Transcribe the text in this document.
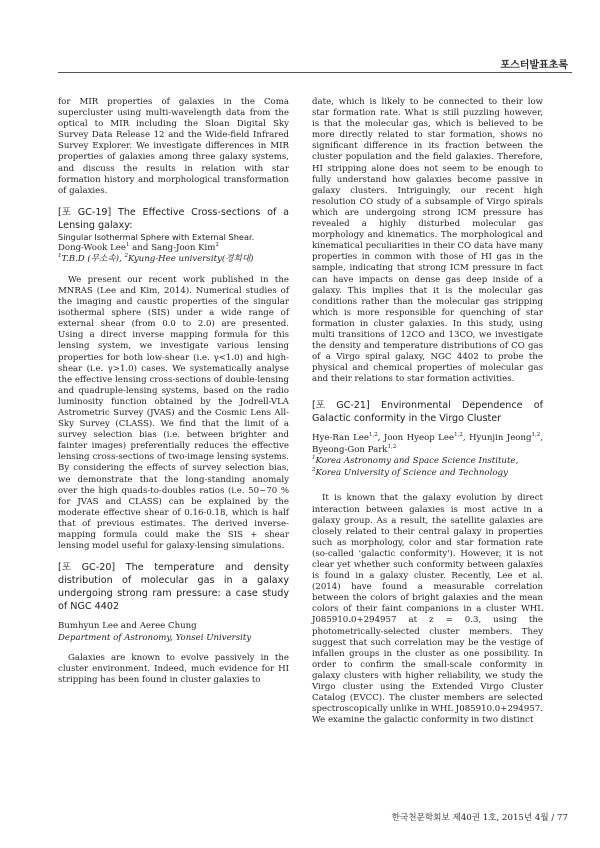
포스터발표초록

for MIR properties of galaxies in the Coma supercluster using multi-wavelength data from the optical to MIR including the Sloan Digital Sky Survey Data Release 12 and the Wide-field Infrared Survey Explorer. We investigate differences in MIR properties of galaxies among three galaxy systems, and discuss the results in relation with star formation history and morphological transformation of galaxies.

[포 GC-19] The Effective Cross-sections of a Lensing galaxy:

Singular Isothermal Sphere with External Shear.

Dong-Wook Lee$^1$ and Sang-Joon Kim$^2$

$^1$T.B.D (무소속), $^2$Kyung-Hee university(경희대)

We present our recent work published in the MNRAS (Lee and Kim, 2014). Numerical studies of the imaging and caustic properties of the singular isothermal sphere (SIS) under a wide range of external shear (from 0.0 to 2.0) are presented. Using a direct inverse mapping formula for this lensing system, we investigate various lensing properties for both low-shear (i.e. γ<1.0) and high-shear (i.e. γ>1.0) cases. We systematically analyse the effective lensing cross-sections of double-lensing and quadruple-lensing systems, based on the radio luminosity function obtained by the Jodrell-VLA Astrometric Survey (JVAS) and the Cosmic Lens All-Sky Survey (CLASS). We find that the limit of a survey selection bias (i.e. between brighter and fainter images) preferentially reduces the effective lensing cross-sections of two-image lensing systems. By considering the effects of survey selection bias, we demonstrate that the long-standing anomaly over the high quads-to-doubles ratios (i.e. 50~70 % for JVAS and CLASS) can be explained by the moderate effective shear of 0.16-0.18, which is half that of previous estimates. The derived inverse-mapping formula could make the SIS + shear lensing model useful for galaxy-lensing simulations.

[포 GC-20] The temperature and density distribution of molecular gas in a galaxy undergoing strong ram pressure: a case study of NGC 4402

Bumhyun Lee and Aeree Chung

Department of Astronomy, Yonsei University

Galaxies are known to evolve passively in the cluster environment. Indeed, much evidence for HI stripping has been found in cluster galaxies to

date, which is likely to be connected to their low star formation rate. What is still puzzling however, is that the molecular gas, which is believed to be more directly related to star formation, shows no significant difference in its fraction between the cluster population and the field galaxies. Therefore, HI stripping alone does not seem to be enough to fully understand how galaxies become passive in galaxy clusters. Intriguingly, our recent high resolution CO study of a subsample of Virgo spirals which are undergoing strong ICM pressure has revealed a highly disturbed molecular gas morphology and kinematics. The morphological and kinematical peculiarities in their CO data have many properties in common with those of HI gas in the sample, indicating that strong ICM pressure in fact can have impacts on dense gas deep inside of a galaxy. This implies that it is the molecular gas conditions rather than the molecular gas stripping which is more responsible for quenching of star formation in cluster galaxies. In this study, using multi transitions of 12CO and 13CO, we investigate the density and temperature distributions of CO gas of a Virgo spiral galaxy, NGC 4402 to probe the physical and chemical properties of molecular gas and their relations to star formation activities.

[포 GC-21] Environmental Dependence of Galactic conformity in the Virgo Cluster

Hye-Ran Lee$^{1,2}$, Joon Hyeop Lee$^{1,2}$, Hyunjin Jeong$^{1,2}$, Byeong-Gon Park$^{1,2}$

$^1$Korea Astronomy and Space Science Institute,

$^2$Korea University of Science and Technology

It is known that the galaxy evolution by direct interaction between galaxies is most active in a galaxy group. As a result, the satellite galaxies are closely related to their central galaxy in properties such as morphology, color and star formation rate (so-called 'galactic conformity'). However, it is not clear yet whether such conformity between galaxies is found in a galaxy cluster. Recently, Lee et al. (2014) have found a measurable correlation between the colors of bright galaxies and the mean colors of their faint companions in a cluster WHL J085910.0+294957 at z = 0.3, using the photometrically-selected cluster members. They suggest that such correlation may be the vestige of infallen groups in the cluster as one possibility. In order to confirm the small-scale conformity in galaxy clusters with higher reliability, we study the Virgo cluster using the Extended Virgo Cluster Catalog (EVCC). The cluster members are selected spectroscopically unlike in WHL J085910.0+294957. We examine the galactic conformity in two distinct

한국천문학회보 제40권 1호, 2015년 4월 / 77
